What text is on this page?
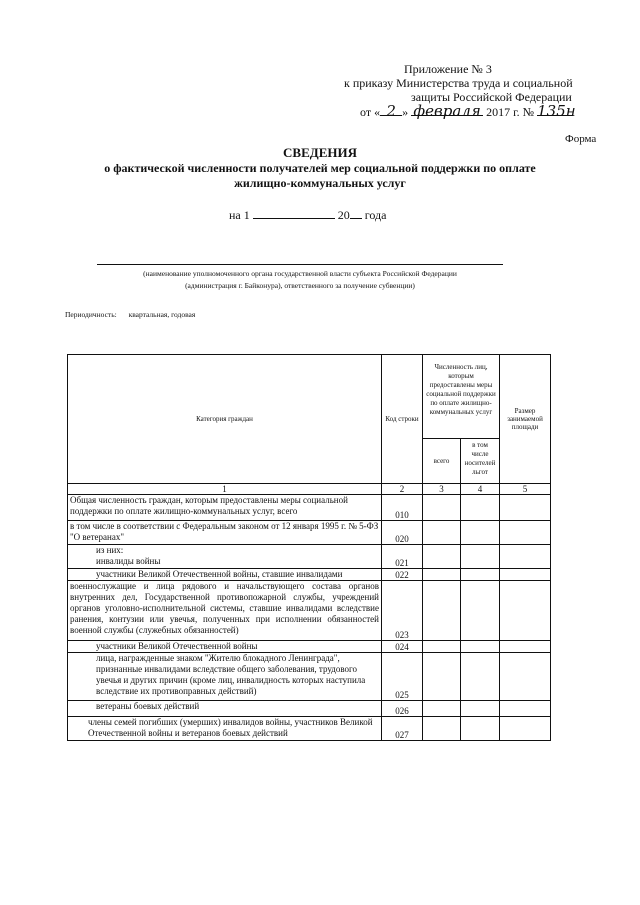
Приложение № 3
к приказу Министерства труда и социальной
защиты Российской Федерации
от « 2 » февраля 2017 г. № 135н
Форма
СВЕДЕНИЯ
о фактической численности получателей мер социальной поддержки по оплате жилищно-коммунальных услуг
на 1	20 года
(наименование уполномоченного органа государственной власти субъекта Российской Федерации
(администрация г. Байконура), ответственного за получение субвенции)
Периодичность: квартальная, годовая
Категория граждан	Код строки	Численность лиц, которым предоставлены меры социальной поддержки по оплате жилищно-коммунальных услуг		Размер занимаемой площади
		всего	в том числе носителей льгот	
1	2	3	4	5
Общая численность граждан, которым предоставлены меры социальной поддержки по оплате жилищно-коммунальных услуг, всего	010			
в том числе в соответствии с Федеральным законом от 12 января 1995 г. № 5-ФЗ "О ветеранах"	020			

из них:
инвалиды войны	021			
участники Великой Отечественной войны, ставшие инвалидами	022			
военнослужащие и лица рядового и начальствующего состава органов внутренних дел, Государственной противопожарной службы, учреждений органов уголовно-исполнительной системы, ставшие инвалидами вследствие ранения, контузии или увечья, полученных при исполнении обязанностей военной службы (служебных обязанностей)	023			
участники Великой Отечественной войны	024			
лица, награжденные знаком "Жителю блокадного Ленинграда", признанные инвалидами вследствие общего заболевания, трудового увечья и других причин (кроме лиц, инвалидность которых наступила вследствие их противоправных действий)	025			
ветераны боевых действий	026			
члены семей погибших (умерших) инвалидов войны, участников Великой Отечественной войны и ветеранов боевых действий	027			
